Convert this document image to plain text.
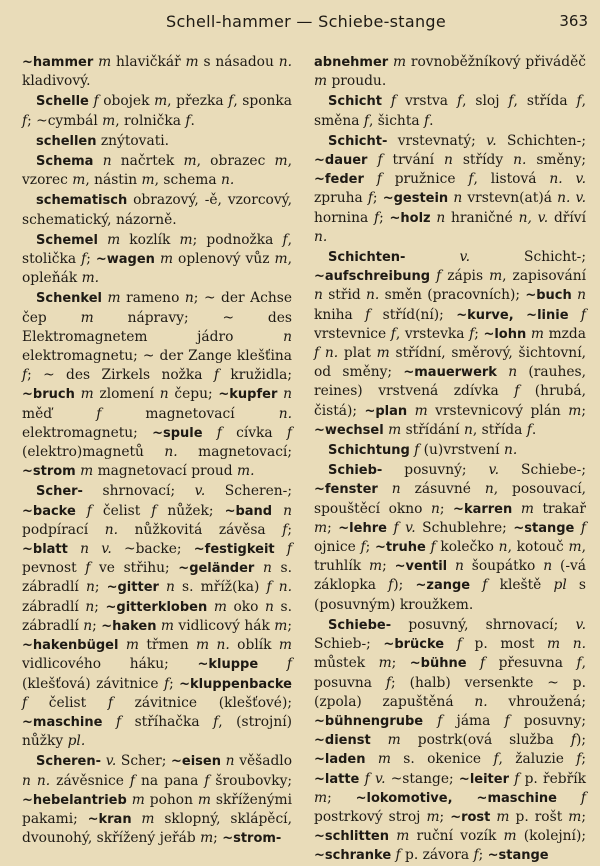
Schell-hammer — Schiebe-stange	363

~hammer m hlavičkář m s násadou n. kladivový.

Schelle f obojek m, přezka f, sponka f; ~cymbál m, rolnička f.

schellen znýtovati.

Schema n načrtek m, obrazec m, vzorec m, nástin m, schema n.

schematisch obrazový, -ě, vzorcový, schematický, názorně.

Schemel m kozlík m; podnožka f, stolička f; ~wagen m oplenový vůz m, opleňák m.

Schenkel m rameno n; ~ der Achse čep m nápravy; ~ des Elektromagnetem jádro n elektromagnetu; ~ der Zange klešťina f; ~ des Zirkels nožka f kružidla; ~bruch m zlomení n čepu; ~kupfer n měď f magnetovací n. elektromagnetu; ~spule f cívka f (elektro)magnetů n. magnetovací; ~strom m magnetovací proud m.

Scher- shrnovací; v. Scheren-; ~backe f čelist f nůžek; ~band n podpírací n. nůžkovitá závěsa f; ~blatt n v. ~backe; ~festigkeit f pevnost f ve střihu; ~geländer n s. zábradlí n; ~gitter n s. mříž(ka) f n. zábradlí n; ~gitterkloben m oko n s. zábradlí n; ~haken m vidlicový hák m; ~hakenbügel m třmen m n. oblík m vidlicového háku; ~kluppe f (klešťová) závitnice f; ~kluppenbacke f čelist f závitnice (klešťové); ~maschine f stříhačka f, (strojní) nůžky pl.

Scheren- v. Scher; ~eisen n věšadlo n n. závěsnice f na pana f šroubovky; ~hebelantrieb m pohon m skříženými pakami; ~kran m sklopný, sklápěcí, dvounohý, skřížený jeřáb m; ~strom-

abnehmer m rovnoběžníkový přiváděč m proudu.

Schicht f vrstva f, sloj f, střída f, směna f, šichta f.

Schicht- vrstevnatý; v. Schichten-; ~dauer f trvání n střídy n. směny; ~feder f pružnice f, listová n. v. zpruha f; ~gestein n vrstevn(at)á n. v. hornina f; ~holz n hraničné n, v. dříví n.

Schichten-	v. Schicht-; ~aufschreibung f zápis m, zapisování n střid n. směn (pracovních); ~buch n kniha f stříd(ní); ~kurve, ~linie f vrstevnice f, vrstevka f; ~lohn m mzda f n. plat m střídní, směrový, šichtovní, od směny; ~mauerwerk n (rauhes, reines) vrstvená zdívka f (hrubá, čistá); ~plan m vrstevnicový plán m; ~wechsel m střídání n, střída f.

Schichtung f (u)vrstvení n.

Schieb- posuvný; v. Schiebe-; ~fenster n zásuvné n, posouvací, spouštěcí okno n; ~karren m trakař m; ~lehre f v. Schublehre; ~stange f ojnice f; ~truhe f kolečko n, kotouč m, truhlík m; ~ventil n šoupátko n (-vá záklopka f); ~zange f kleště pl s (posuvným) kroužkem.

Schiebe- posuvný, shrnovací; v. Schieb-; ~brücke f p. most m n. můstek m; ~bühne f přesuvna f, posuvna f; (halb) versenkte ~ p. (zpola) zapuštěná n. vhroužená; ~bühnengrube f jáma f posuvny; ~dienst m postrk(ová služba f); ~laden m s. okenice f, žaluzie f; ~latte f v. ~stange; ~leiter f p. řebřík m; ~lokomotive, ~maschine f postrkový stroj m; ~rost m p. rošt m; ~schlitten m ruční vozík m (kolejní); ~schranke f p. závora f; ~stange
